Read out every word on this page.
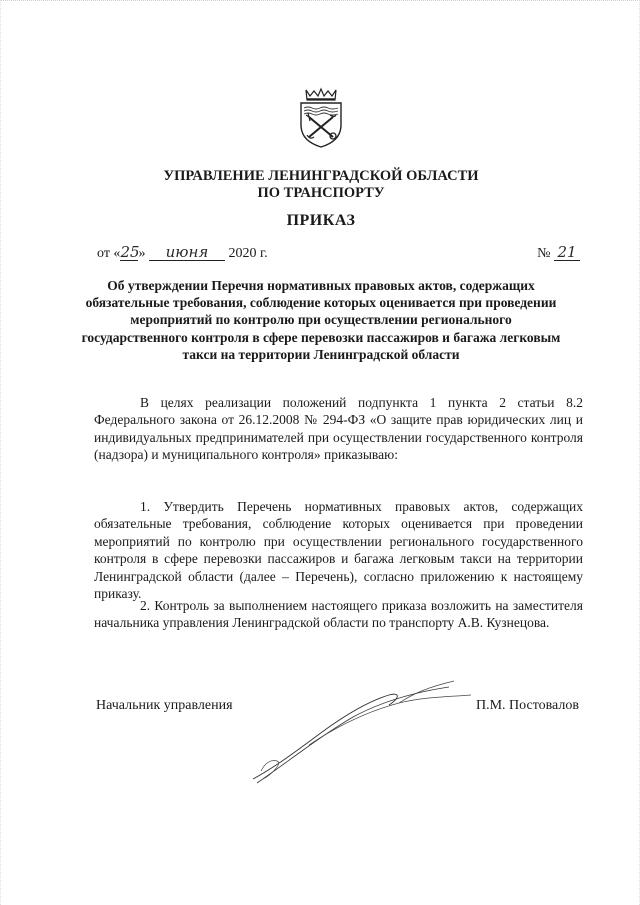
УПРАВЛЕНИЕ ЛЕНИНГРАДСКОЙ ОБЛАСТИ
ПО ТРАНСПОРТУ
ПРИКАЗ
от «25» июня 2020 г.	№ 21
Об утверждении Перечня нормативных правовых актов, содержащих обязательные требования, соблюдение которых оценивается при проведении мероприятий по контролю при осуществлении регионального государственного контроля в сфере перевозки пассажиров и багажа легковым такси на территории Ленинградской области
В целях реализации положений подпункта 1 пункта 2 статьи 8.2 Федерального закона от 26.12.2008 № 294-ФЗ «О защите прав юридических лиц и индивидуальных предпринимателей при осуществлении государственного контроля (надзора) и муниципального контроля» приказываю:
1. Утвердить Перечень нормативных правовых актов, содержащих обязательные требования, соблюдение которых оценивается при проведении мероприятий по контролю при осуществлении регионального государственного контроля в сфере перевозки пассажиров и багажа легковым такси на территории Ленинградской области (далее – Перечень), согласно приложению к настоящему приказу.
2. Контроль за выполнением настоящего приказа возложить на заместителя начальника управления Ленинградской области по транспорту А.В. Кузнецова.
Начальник управления	П.М. Постовалов
